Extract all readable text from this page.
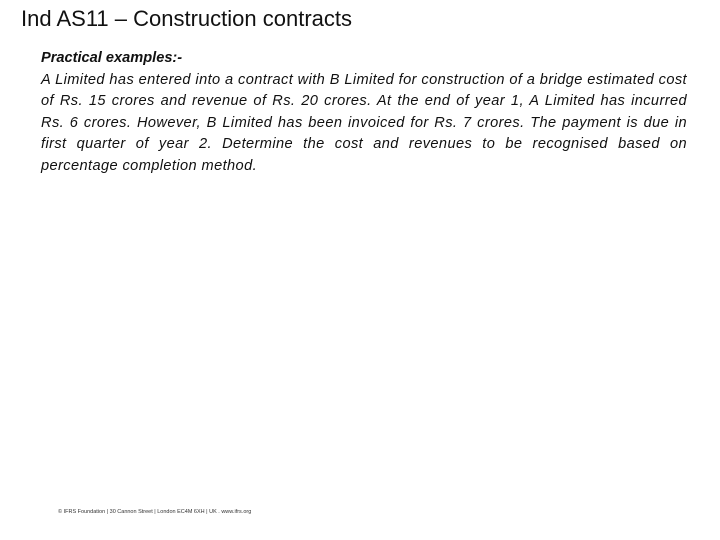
Ind AS11 – Construction contracts
Practical examples:-
A Limited has entered into a contract with B Limited for construction of a bridge estimated cost of Rs. 15 crores and revenue of Rs. 20 crores. At the end of year 1, A Limited has incurred Rs. 6 crores. However, B Limited has been invoiced for Rs. 7 crores. The payment is due in first quarter of year 2. Determine the cost and revenues to be recognised based on percentage completion method.
© IFRS Foundation | 30 Cannon Street | London EC4M 6XH | UK . www.ifrs.org
